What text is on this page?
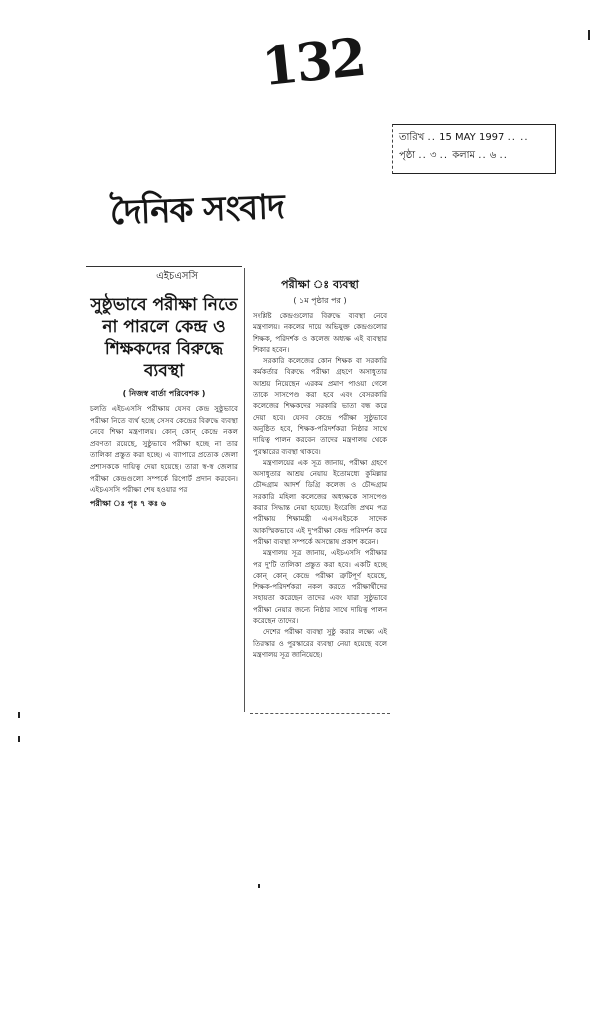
132
তারিখ .. 15 MAY 1997 .. ..
পৃষ্ঠা .. ৩ .. কলাম .. ৬ ..
দৈনিক সংবাদ
এইচএসসি
সুষ্ঠুভাবে পরীক্ষা নিতে না পারলে কেন্দ্র ও শিক্ষকদের বিরুদ্ধে ব্যবস্থা
( নিজস্ব বার্তা পরিবেশক )
চলতি এইচএসসি পরীক্ষায় যেসব কেন্দ্র সুষ্ঠুভাবে পরীক্ষা নিতে ব্যর্থ হচ্ছে সেসব কেন্দ্রের বিরুদ্ধে ব্যবস্থা নেবে শিক্ষা মন্ত্রণালয়। কোন্ কোন্ কেন্দ্রে নকল প্রবণতা রয়েছে, সুষ্ঠুভাবে পরীক্ষা হচ্ছে না তার তালিকা প্রস্তুত করা হচ্ছে। এ ব্যাপারে প্রত্যেক জেলা প্রশাসককে দায়িত্ব দেয়া হয়েছে। তারা স্ব-স্ব জেলার পরীক্ষা কেন্দ্রগুলো সম্পর্কে রিপোর্ট প্রদান করবেন। এইচএসসি পরীক্ষা শেষ হওয়ার পর
পরীক্ষা ঃ পৃঃ ৭ কঃ ৬
পরীক্ষা ঃ ব্যবস্থা
( ১ম পৃষ্ঠার পর )

সংশ্লিষ্ট কেন্দ্রগুলোর বিরুদ্ধে ব্যবস্থা নেবে মন্ত্রণালয়। নকলের দায়ে অভিযুক্ত কেন্দ্রগুলোর শিক্ষক, পরিদর্শক ও কলেজ অধ্যক্ষ এই ব্যবস্থার শিকার হবেন।

সরকারি কলেজের কোন শিক্ষক বা সরকারি কর্মকর্তার বিরুদ্ধে পরীক্ষা গ্রহণে অসাধুতার আশ্রয় নিয়েছেন এরকম প্রমাণ পাওয়া গেলে তাকে সাসপেণ্ড করা হবে এবং বেসরকারি কলেজের শিক্ষকদের সরকারি ভাতা বন্ধ করে দেয়া হবে। যেসব কেন্দ্রে পরীক্ষা সুষ্ঠুভাবে অনুষ্ঠিত হবে, শিক্ষক-পরিদর্শকরা নিষ্ঠার সাথে দায়িত্ব পালন করবেন তাদের মন্ত্রণালয় থেকে পুরস্কারের ব্যবস্থা থাকবে।

মন্ত্রণালয়ের এক সূত্র জানায়, পরীক্ষা গ্রহণে অসাধুতার আশ্রয় নেয়ায় ইতোমধ্যে কুমিল্লার চৌদ্দগ্রাম আদর্শ ডিগ্রি কলেজ ও চৌদ্দগ্রাম সরকারি মহিলা কলেজের অধ্যক্ষকে সাসপেণ্ড করার সিদ্ধান্ত নেয়া হয়েছে। ইংরেজি প্রথম পত্র পরীক্ষায় শিক্ষামন্ত্রী এএসএইচকে সাদেক আকস্মিকভাবে এই দু'পরীক্ষা কেন্দ্র পরিদর্শন করে পরীক্ষা ব্যবস্থা সম্পর্কে অসন্তোষ প্রকাশ করেন।

মন্ত্রণালয় সূত্র জানায়, এইচএসসি পরীক্ষার পর দু'টি তালিকা প্রস্তুত করা হবে। একটি হচ্ছে কোন্ কোন্ কেন্দ্রে পরীক্ষা ত্রুটিপূর্ণ হয়েছে, শিক্ষক-পরিদর্শকরা নকল করতে পরীক্ষার্থীদের সহায়তা করেছেন তাদের এবং যারা সুষ্ঠুভাবে পরীক্ষা নেয়ার জন্যে নিষ্ঠার সাথে দায়িত্ব পালন করেছেন তাদের।

দেশের পরীক্ষা ব্যবস্থা সুষ্ঠু করার লক্ষ্যে এই তিরস্কার ও পুরস্কারের ব্যবস্থা নেয়া হয়েছে বলে মন্ত্রণালয় সূত্র জানিয়েছে।
